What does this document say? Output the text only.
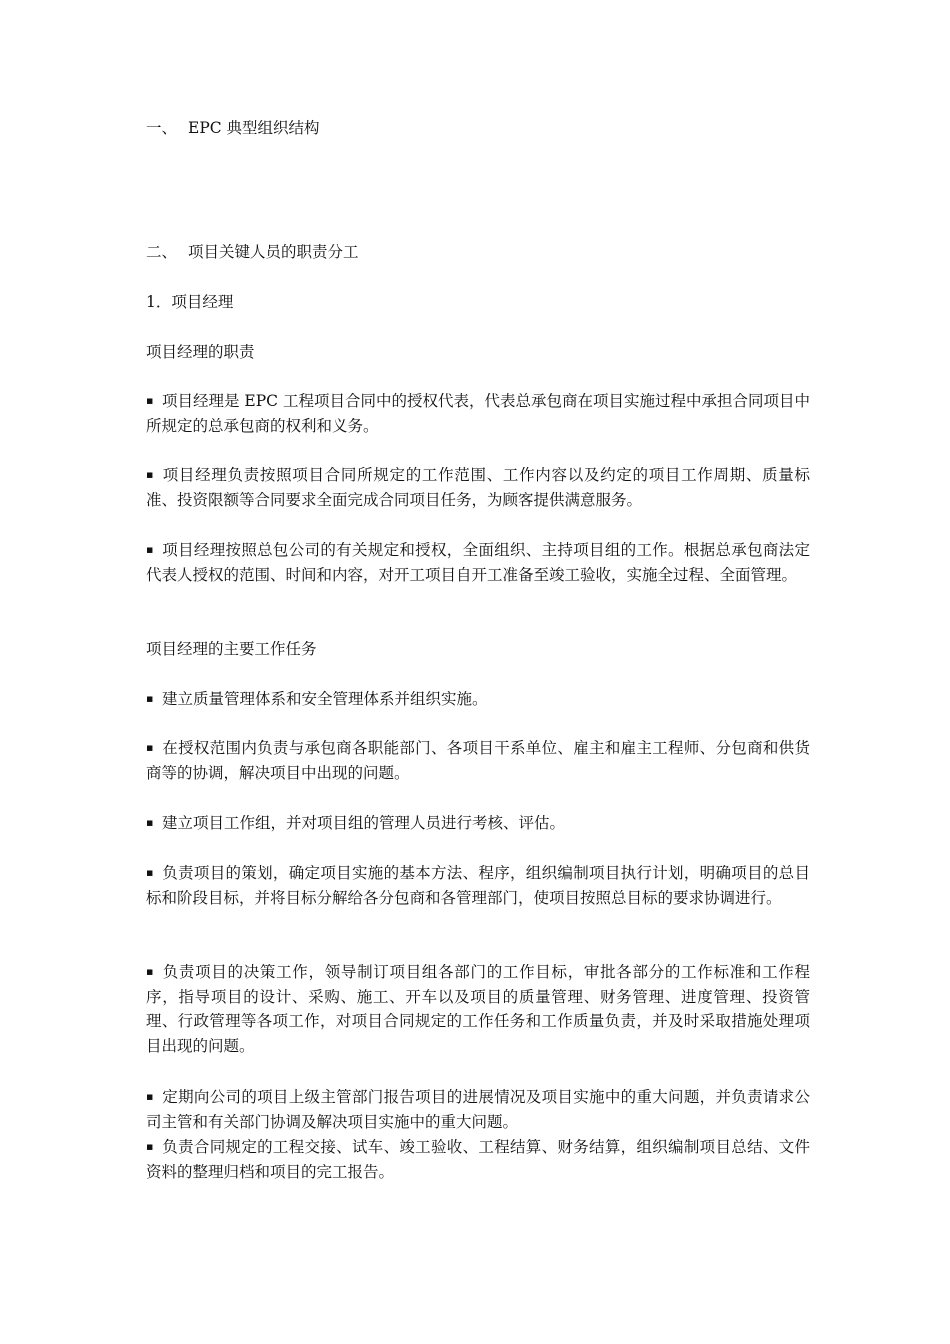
一、 EPC 典型组织结构
二、 项目关键人员的职责分工
1．项目经理
项目经理的职责
▪ 项目经理是 EPC 工程项目合同中的授权代表，代表总承包商在项目实施过程中承担合同项目中所规定的总承包商的权利和义务。
▪ 项目经理负责按照项目合同所规定的工作范围、工作内容以及约定的项目工作周期、质量标准、投资限额等合同要求全面完成合同项目任务，为顾客提供满意服务。
▪ 项目经理按照总包公司的有关规定和授权，全面组织、主持项目组的工作。根据总承包商法定代表人授权的范围、时间和内容，对开工项目自开工准备至竣工验收，实施全过程、全面管理。
项目经理的主要工作任务
▪ 建立质量管理体系和安全管理体系并组织实施。
▪ 在授权范围内负责与承包商各职能部门、各项目干系单位、雇主和雇主工程师、分包商和供货商等的协调，解决项目中出现的问题。
▪ 建立项目工作组，并对项目组的管理人员进行考核、评估。
▪ 负责项目的策划，确定项目实施的基本方法、程序，组织编制项目执行计划，明确项目的总目标和阶段目标，并将目标分解给各分包商和各管理部门，使项目按照总目标的要求协调进行。
▪ 负责项目的决策工作，领导制订项目组各部门的工作目标，审批各部分的工作标准和工作程序，指导项目的设计、采购、施工、开车以及项目的质量管理、财务管理、进度管理、投资管理、行政管理等各项工作，对项目合同规定的工作任务和工作质量负责，并及时采取措施处理项目出现的问题。
▪ 定期向公司的项目上级主管部门报告项目的进展情况及项目实施中的重大问题，并负责请求公司主管和有关部门协调及解决项目实施中的重大问题。
▪ 负责合同规定的工程交接、试车、竣工验收、工程结算、财务结算，组织编制项目总结、文件资料的整理归档和项目的完工报告。
